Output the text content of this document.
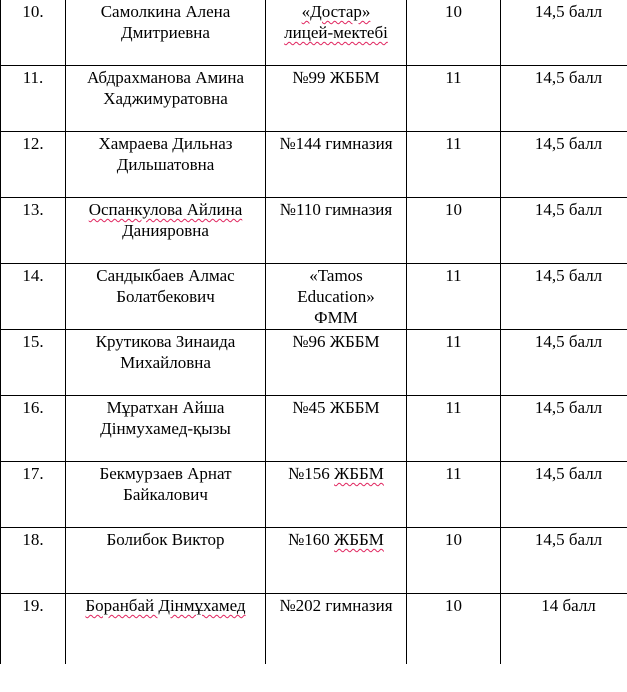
10.	Самолкина Алена
Дмитриевна	«Достар»
лицей-мектебі	10	14,5 балл
11.	Абдрахманова Амина
Хаджимуратовна	№99 ЖББМ	11	14,5 балл
12.	Хамраева Дильназ
Дильшатовна	№144 гимназия	11	14,5 балл
13.	Оспанкулова Айлина
Данияровна	№110 гимназия	10	14,5 балл
14.	Сандыкбаев Алмас
Болатбекович	«Tamos
Education»
ФММ	11	14,5 балл
15.	Крутикова Зинаида
Михайловна	№96 ЖББМ	11	14,5 балл
16.	Мұратхан Айша
Дінмухамед-қызы	№45 ЖББМ	11	14,5 балл
17.	Бекмурзаев Арнат
Байкалович	№156 ЖББМ	11	14,5 балл
18.	Болибок Виктор	№160 ЖББМ	10	14,5 балл
19.	Боранбай Дінмұхамед	№202 гимназия	10	14 балл
